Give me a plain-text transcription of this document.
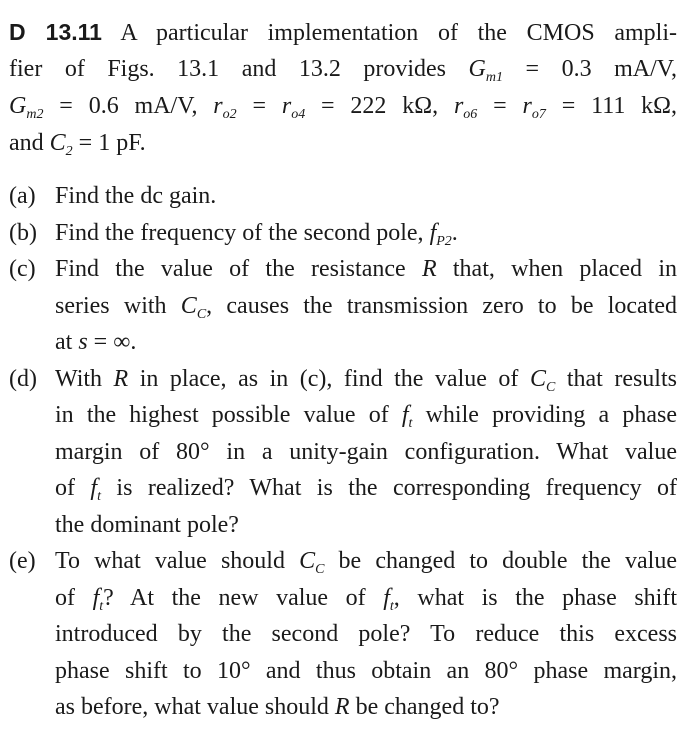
D 13.11 A particular implementation of the CMOS ampli-
fier of Figs. 13.1 and 13.2 provides $G_{m1} = 0.3$ mA/V,
$G_{m2} = 0.6$ mA/V, $r_{o2} = r_{o4} = 222$ kΩ, $r_{o6} = r_{o7} = 111$ kΩ,
and $C_2 = 1$ pF.
(a) Find the dc gain.
(b) Find the frequency of the second pole, $f_{P2}$.
(c) Find the value of the resistance R that, when placed in
series with $C_C$, causes the transmission zero to be located
at s = ∞.
(d) With R in place, as in (c), find the value of $C_C$ that results
in the highest possible value of $f_t$ while providing a phase
margin of 80° in a unity-gain configuration. What value
of $f_t$ is realized? What is the corresponding frequency of
the dominant pole?
(e) To what value should $C_C$ be changed to double the value
of $f_t$? At the new value of $f_t$, what is the phase shift
introduced by the second pole? To reduce this excess
phase shift to 10° and thus obtain an 80° phase margin,
as before, what value should R be changed to?
